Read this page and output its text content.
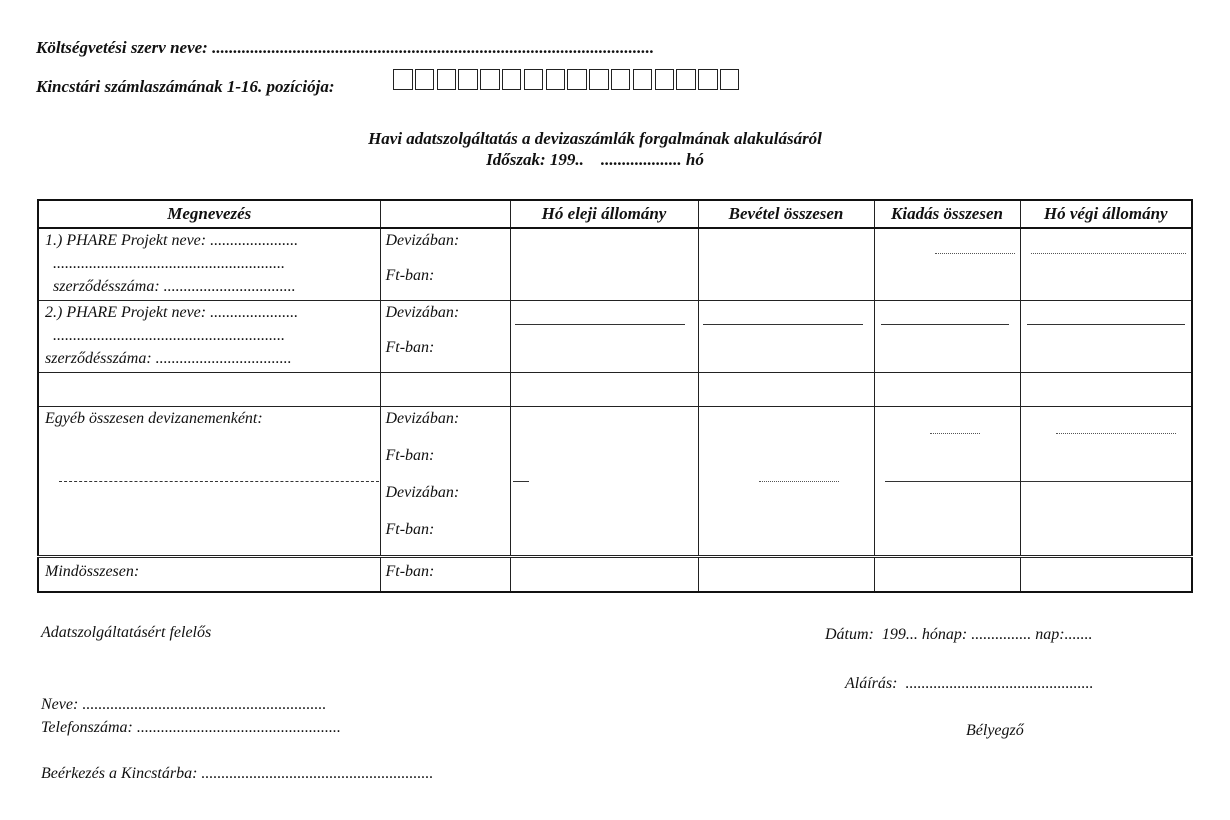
Költségvetési szerv neve: ........................................................................................................
Kincstári számlaszámának 1-16. pozíciója:
Havi adatszolgáltatás a devizaszámlák forgalmának alakulásáról
Időszak: 199.. ................... hó
Megnevezés		Hó eleji állomány	Bevétel összesen	Kiadás összesen	Hó végi állomány

1.) PHARE Projekt neve: ......................
..........................................................
szerződésszáma: .................................	Devizában:
Ft-ban:				

2.) PHARE Projekt neve: ......................
..........................................................
szerződésszáma: ..................................	Devizában:
Ft-ban:				

Egyéb összesen devizanemenként:	Devizában:
Ft-ban:
Devizában:
Ft-ban:				

Mindösszesen:	Ft-ban:				

Adatszolgáltatásért felelős	Dátum: 199... hónap: ............... nap:.......
Aláírás: ...............................................
Neve: .............................................................
Telefonszáma: ...................................................	Bélyegző
Beérkezés a Kincstárba: ..........................................................
